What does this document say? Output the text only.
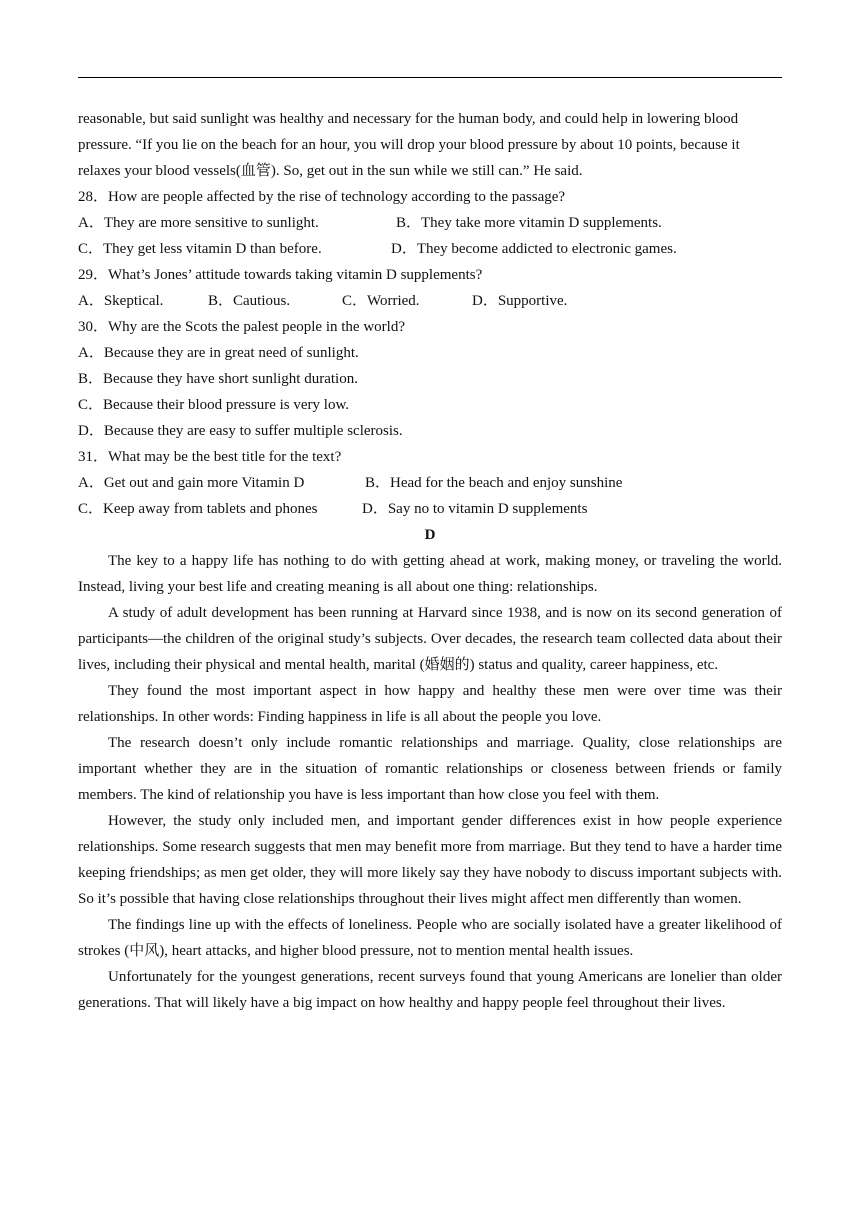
reasonable, but said sunlight was healthy and necessary for the human body, and could help in lowering blood
pressure. “If you lie on the beach for an hour, you will drop your blood pressure by about 10 points, because it
relaxes your blood vessels(血管). So, get out in the sun while we still can.” He said.
28．How are people affected by the rise of technology according to the passage?
A．They are more sensitive to sunlight.	B．They take more vitamin D supplements.
C．They get less vitamin D than before.	D．They become addicted to electronic games.
29．What’s Jones’ attitude towards taking vitamin D supplements?
A．Skeptical.	B．Cautious.	C．Worried.	D．Supportive.
30．Why are the Scots the palest people in the world?
A．Because they are in great need of sunlight.
B．Because they have short sunlight duration.
C．Because their blood pressure is very low.
D．Because they are easy to suffer multiple sclerosis.
31．What may be the best title for the text?
A．Get out and gain more Vitamin D	B．Head for the beach and enjoy sunshine
C．Keep away from tablets and phones	D．Say no to vitamin D supplements
D

The key to a happy life has nothing to do with getting ahead at work, making money, or traveling the world. Instead, living your best life and creating meaning is all about one thing: relationships.

A study of adult development has been running at Harvard since 1938, and is now on its second generation of participants—the children of the original study’s subjects. Over decades, the research team collected data about their lives, including their physical and mental health, marital (婚姻的) status and quality, career happiness, etc.

They found the most important aspect in how happy and healthy these men were over time was their relationships. In other words: Finding happiness in life is all about the people you love.

The research doesn’t only include romantic relationships and marriage. Quality, close relationships are important whether they are in the situation of romantic relationships or closeness between friends or family members. The kind of relationship you have is less important than how close you feel with them.

However, the study only included men, and important gender differences exist in how people experience relationships. Some research suggests that men may benefit more from marriage. But they tend to have a harder time keeping friendships; as men get older, they will more likely say they have nobody to discuss important subjects with. So it’s possible that having close relationships throughout their lives might affect men differently than women.

The findings line up with the effects of loneliness. People who are socially isolated have a greater likelihood of strokes (中风), heart attacks, and higher blood pressure, not to mention mental health issues.

Unfortunately for the youngest generations, recent surveys found that young Americans are lonelier than older generations. That will likely have a big impact on how healthy and happy people feel throughout their lives.
